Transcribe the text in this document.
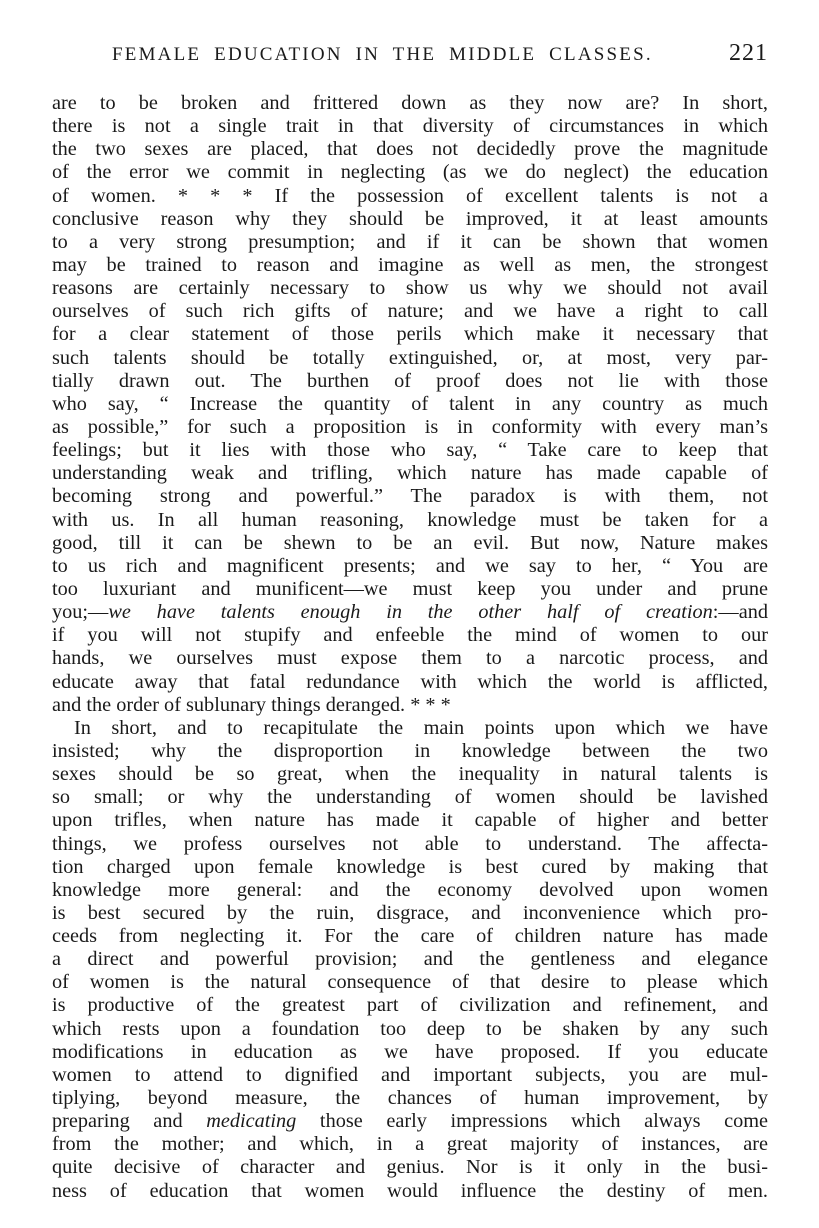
FEMALE EDUCATION IN THE MIDDLE CLASSES.	221
are to be broken and frittered down as they now are? In short,
there is not a single trait in that diversity of circumstances in which
the two sexes are placed, that does not decidedly prove the magnitude
of the error we commit in neglecting (as we do neglect) the education
of women. * * * If the possession of excellent talents is not a
conclusive reason why they should be improved, it at least amounts
to a very strong presumption; and if it can be shown that women
may be trained to reason and imagine as well as men, the strongest
reasons are certainly necessary to show us why we should not avail
ourselves of such rich gifts of nature; and we have a right to call
for a clear statement of those perils which make it necessary that
such talents should be totally extinguished, or, at most, very par-
tially drawn out. The burthen of proof does not lie with those
who say, “ Increase the quantity of talent in any country as much
as possible,” for such a proposition is in conformity with every man’s
feelings; but it lies with those who say, “ Take care to keep that
understanding weak and trifling, which nature has made capable of
becoming strong and powerful.” The paradox is with them, not
with us. In all human reasoning, knowledge must be taken for a
good, till it can be shewn to be an evil. But now, Nature makes
to us rich and magnificent presents; and we say to her, “ You are
too luxuriant and munificent—we must keep you under and prune
you;—we have talents enough in the other half of creation:—and
if you will not stupify and enfeeble the mind of women to our
hands, we ourselves must expose them to a narcotic process, and
educate away that fatal redundance with which the world is afflicted,
and the order of sublunary things deranged. * * *
In short, and to recapitulate the main points upon which we have
insisted; why the disproportion in knowledge between the two
sexes should be so great, when the inequality in natural talents is
so small; or why the understanding of women should be lavished
upon trifles, when nature has made it capable of higher and better
things, we profess ourselves not able to understand. The affecta-
tion charged upon female knowledge is best cured by making that
knowledge more general: and the economy devolved upon women
is best secured by the ruin, disgrace, and inconvenience which pro-
ceeds from neglecting it. For the care of children nature has made
a direct and powerful provision; and the gentleness and elegance
of women is the natural consequence of that desire to please which
is productive of the greatest part of civilization and refinement, and
which rests upon a foundation too deep to be shaken by any such
modifications in education as we have proposed. If you educate
women to attend to dignified and important subjects, you are mul-
tiplying, beyond measure, the chances of human improvement, by
preparing and medicating those early impressions which always come
from the mother; and which, in a great majority of instances, are
quite decisive of character and genius. Nor is it only in the busi-
ness of education that women would influence the destiny of men.
